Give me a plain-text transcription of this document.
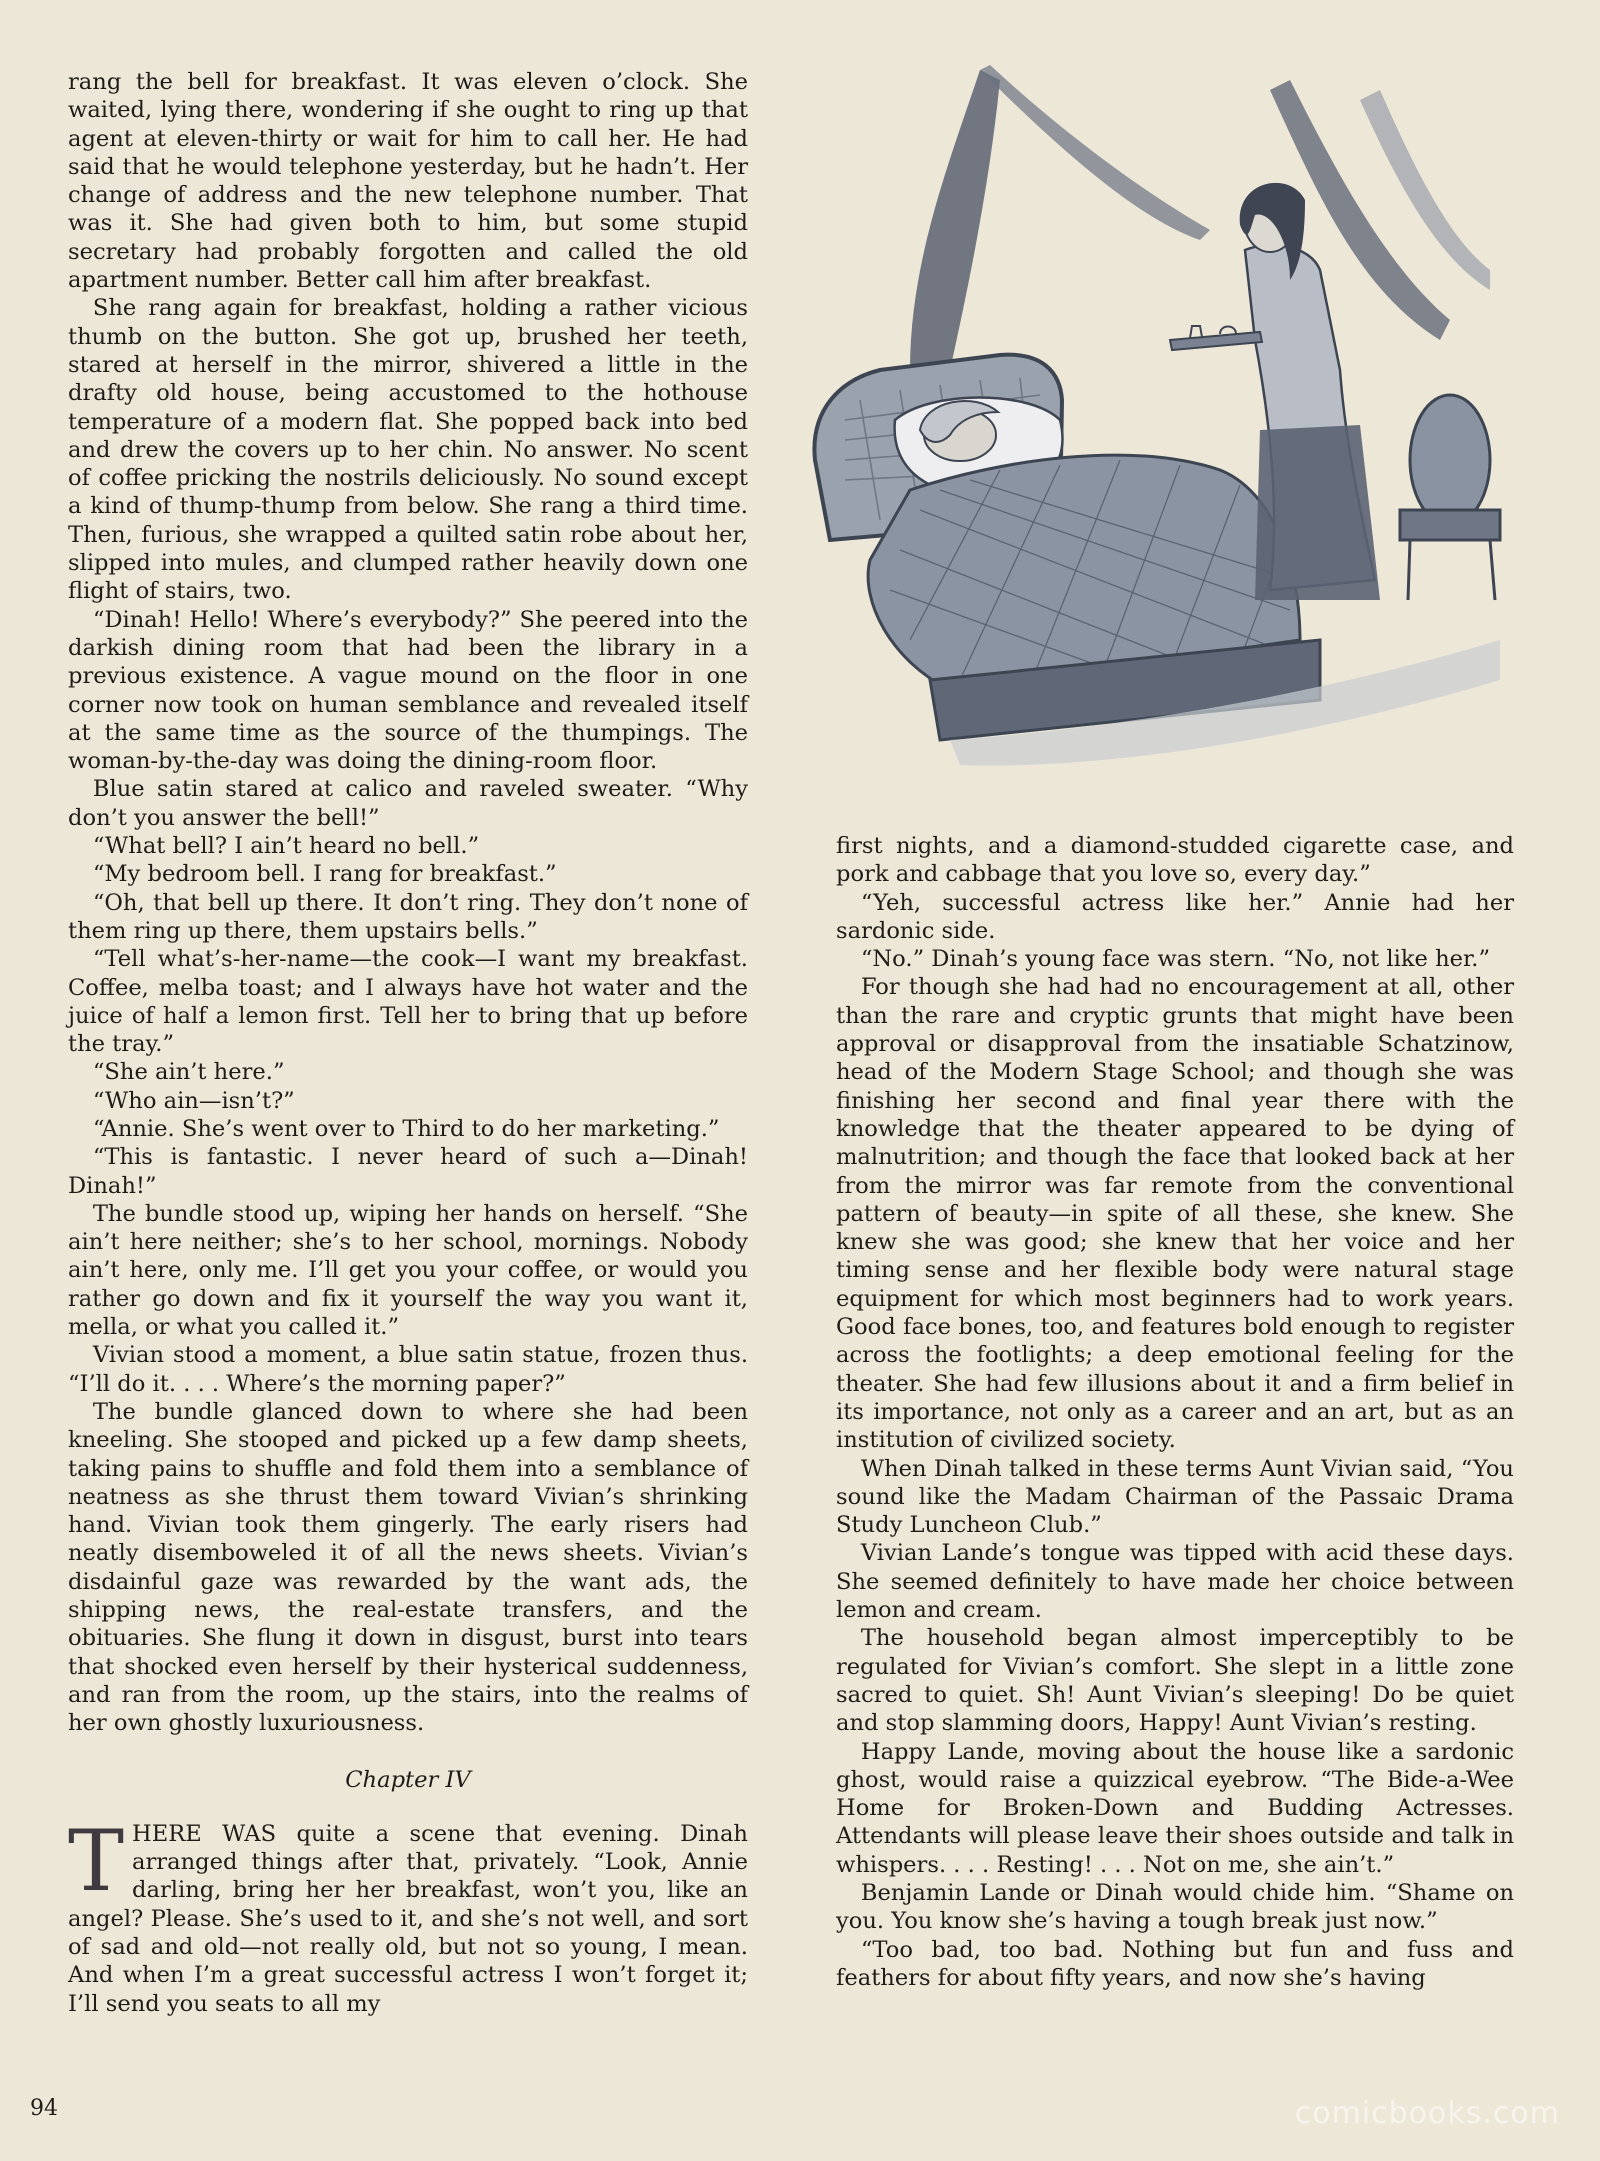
rang the bell for breakfast. It was eleven o’clock. She waited, lying there, wondering if she ought to ring up that agent at eleven-thirty or wait for him to call her. He had said that he would telephone yesterday, but he hadn’t. Her change of address and the new telephone number. That was it. She had given both to him, but some stupid secretary had probably forgotten and called the old apartment number. Better call him after breakfast.

She rang again for breakfast, holding a rather vicious thumb on the button. She got up, brushed her teeth, stared at herself in the mirror, shivered a little in the drafty old house, being accustomed to the hothouse temperature of a modern flat. She popped back into bed and drew the covers up to her chin. No answer. No scent of coffee pricking the nostrils deliciously. No sound except a kind of thump-thump from below. She rang a third time. Then, furious, she wrapped a quilted satin robe about her, slipped into mules, and clumped rather heavily down one flight of stairs, two.

“Dinah! Hello! Where’s everybody?” She peered into the darkish dining room that had been the library in a previous existence. A vague mound on the floor in one corner now took on human semblance and revealed itself at the same time as the source of the thumpings. The woman-by-the-day was doing the dining-room floor.

Blue satin stared at calico and raveled sweater. “Why don’t you answer the bell!”

“What bell? I ain’t heard no bell.”

“My bedroom bell. I rang for breakfast.”

“Oh, that bell up there. It don’t ring. They don’t none of them ring up there, them upstairs bells.”

“Tell what’s-her-name—the cook—I want my breakfast. Coffee, melba toast; and I always have hot water and the juice of half a lemon first. Tell her to bring that up before the tray.”

“She ain’t here.”

“Who ain—isn’t?”

“Annie. She’s went over to Third to do her marketing.”

“This is fantastic. I never heard of such a—Dinah! Dinah!”

The bundle stood up, wiping her hands on herself. “She ain’t here neither; she’s to her school, mornings. Nobody ain’t here, only me. I’ll get you your coffee, or would you rather go down and fix it yourself the way you want it, mella, or what you called it.”

Vivian stood a moment, a blue satin statue, frozen thus. “I’ll do it. . . . Where’s the morning paper?”

The bundle glanced down to where she had been kneeling. She stooped and picked up a few damp sheets, taking pains to shuffle and fold them into a semblance of neatness as she thrust them toward Vivian’s shrinking hand. Vivian took them gingerly. The early risers had neatly disemboweled it of all the news sheets. Vivian’s disdainful gaze was rewarded by the want ads, the shipping news, the real-estate transfers, and the obituaries. She flung it down in disgust, burst into tears that shocked even herself by their hysterical suddenness, and ran from the room, up the stairs, into the realms of her own ghostly luxuriousness.

Chapter IV

THERE WAS quite a scene that evening. Dinah arranged things after that, privately. “Look, Annie darling, bring her her breakfast, won’t you, like an angel? Please. She’s used to it, and she’s not well, and sort of sad and old—not really old, but not so young, I mean. And when I’m a great successful actress I won’t forget it; I’ll send you seats to all my

first nights, and a diamond-studded cigarette case, and pork and cabbage that you love so, every day.”

“Yeh, successful actress like her.” Annie had her sardonic side.

“No.” Dinah’s young face was stern. “No, not like her.”

For though she had had no encouragement at all, other than the rare and cryptic grunts that might have been approval or disapproval from the insatiable Schatzinow, head of the Modern Stage School; and though she was finishing her second and final year there with the knowledge that the theater appeared to be dying of malnutrition; and though the face that looked back at her from the mirror was far remote from the conventional pattern of beauty—in spite of all these, she knew. She knew she was good; she knew that her voice and her timing sense and her flexible body were natural stage equipment for which most beginners had to work years. Good face bones, too, and features bold enough to register across the footlights; a deep emotional feeling for the theater. She had few illusions about it and a firm belief in its importance, not only as a career and an art, but as an institution of civilized society.

When Dinah talked in these terms Aunt Vivian said, “You sound like the Madam Chairman of the Passaic Drama Study Luncheon Club.”

Vivian Lande’s tongue was tipped with acid these days. She seemed definitely to have made her choice between lemon and cream.

The household began almost imperceptibly to be regulated for Vivian’s comfort. She slept in a little zone sacred to quiet. Sh! Aunt Vivian’s sleeping! Do be quiet and stop slamming doors, Happy! Aunt Vivian’s resting.

Happy Lande, moving about the house like a sardonic ghost, would raise a quizzical eyebrow. “The Bide-a-Wee Home for Broken-Down and Budding Actresses. Attendants will please leave their shoes outside and talk in whispers. . . . Resting! . . . Not on me, she ain’t.”

Benjamin Lande or Dinah would chide him. “Shame on you. You know she’s having a tough break just now.”

“Too bad, too bad. Nothing but fun and fuss and feathers for about fifty years, and now she’s having

94	comicbooks.com
